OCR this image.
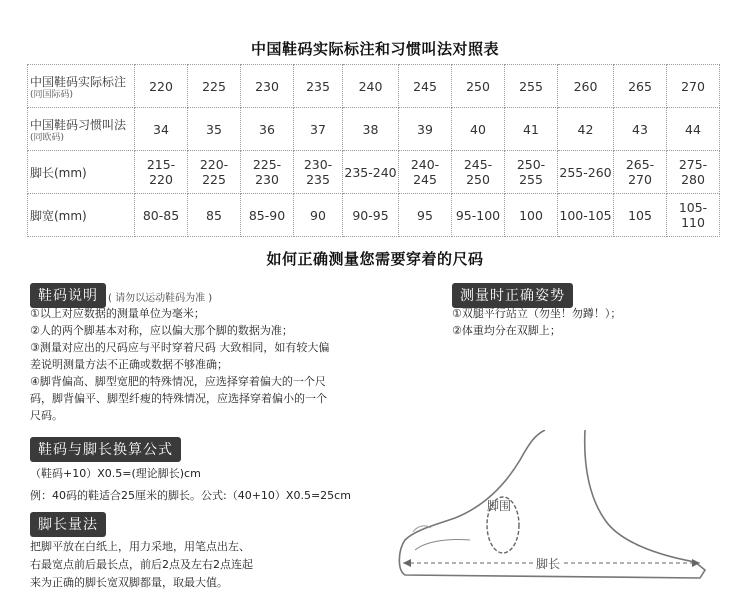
中国鞋码实际标注和习惯叫法对照表
中国鞋码实际标注
(同国际码)	220	225	230	235	240	245	250	255	260	265	270

中国鞋码习惯叫法
(同欧码)	34	35	36	37	38	39	40	41	42	43	44

脚长(mm)	215-220	220-225	225-230	230-235	235-240	240-245	245-250	250-255	255-260	265-270	275-280

脚宽(mm)	80-85	85	85-90	90	90-95	95	95-100	100	100-105	105	105-110
如何正确测量您需要穿着的尺码
鞋码说明	( 请勿以运动鞋码为准 )
①以上对应数据的测量单位为毫米；
②人的两个脚基本对称，应以偏大那个脚的数据为准；
③测量对应出的尺码应与平时穿着尺码 大致相同，如有较大偏
差说明测量方法不正确或数据不够准确；
④脚背偏高、脚型宽肥的特殊情况，应选择穿着偏大的一个尺
码，脚背偏平、脚型纤瘦的特殊情况，应选择穿着偏小的一个
尺码。
鞋码与脚长换算公式
（鞋码+10）X0.5=(理论脚长)cm
例：40码的鞋适合25厘米的脚长。公式:（40+10）X0.5=25cm
脚长量法
把脚平放在白纸上，用力采地，用笔点出左、
右最宽点前后最长点，前后2点及左右2点连起
来为正确的脚长宽双脚都量，取最大值。
测量时正确姿势
①双腿平行站立（勿坐！勿蹲！）；
②体重均分在双脚上；
脚围
脚长
